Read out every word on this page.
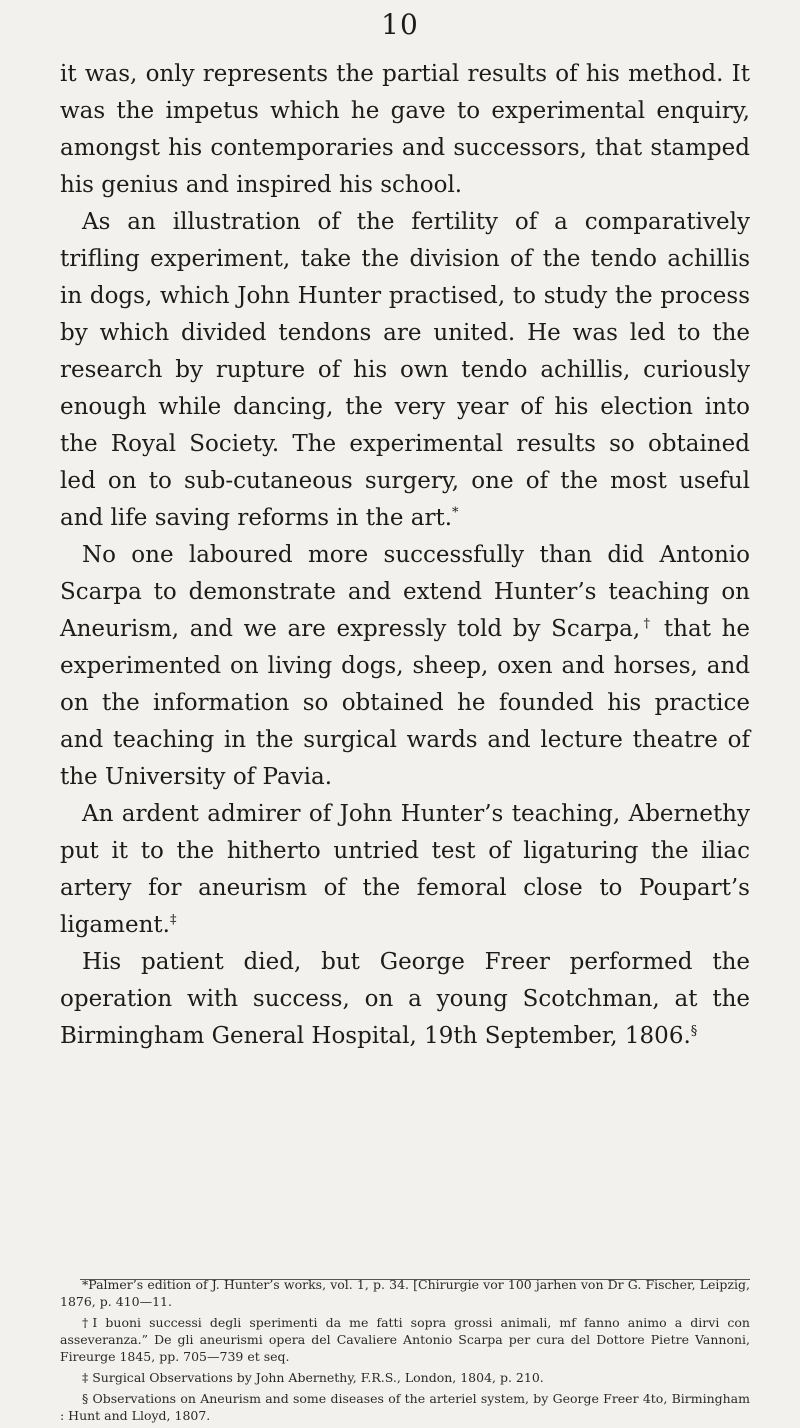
10

it was, only represents the partial results of his method. It was the impetus which he gave to experimental enquiry, amongst his contemporaries and successors, that stamped his genius and inspired his school.

As an illustration of the fertility of a comparatively trifling experiment, take the division of the tendo achillis in dogs, which John Hunter practised, to study the process by which divided tendons are united. He was led to the research by rupture of his own tendo achillis, curiously enough while dancing, the very year of his election into the Royal Society. The experimental results so obtained led on to sub-cutaneous surgery, one of the most useful and life saving reforms in the art.*

No one laboured more successfully than did Antonio Scarpa to demonstrate and extend Hunter’s teaching on Aneurism, and we are expressly told by Scarpa,† that he experimented on living dogs, sheep, oxen and horses, and on the information so obtained he founded his practice and teaching in the surgical wards and lecture theatre of the University of Pavia.

An ardent admirer of John Hunter’s teaching, Abernethy put it to the hitherto untried test of ligaturing the iliac artery for aneurism of the femoral close to Poupart’s ligament.‡

His patient died, but George Freer performed the operation with success, on a young Scotchman, at the Birmingham General Hospital, 19th September, 1806.§

*Palmer’s edition of J. Hunter’s works, vol. 1, p. 34. [Chirurgie vor 100 jarhen von Dr G. Fischer, Leipzig, 1876, p. 410—11.

†I buoni successi degli sperimenti da me fatti sopra grossi animali, mf fanno animo a dirvi con asseveranza.” De gli aneurismi opera del Cavaliere Antonio Scarpa per cura del Dottore Pietre Vannoni, Fireurge 1845, pp. 705—739 et seq.

‡ Surgical Observations by John Abernethy, F.R.S., London, 1804, p. 210.

§ Observations on Aneurism and some diseases of the arteriel system, by George Freer 4to, Birmingham : Hunt and Lloyd, 1807.
